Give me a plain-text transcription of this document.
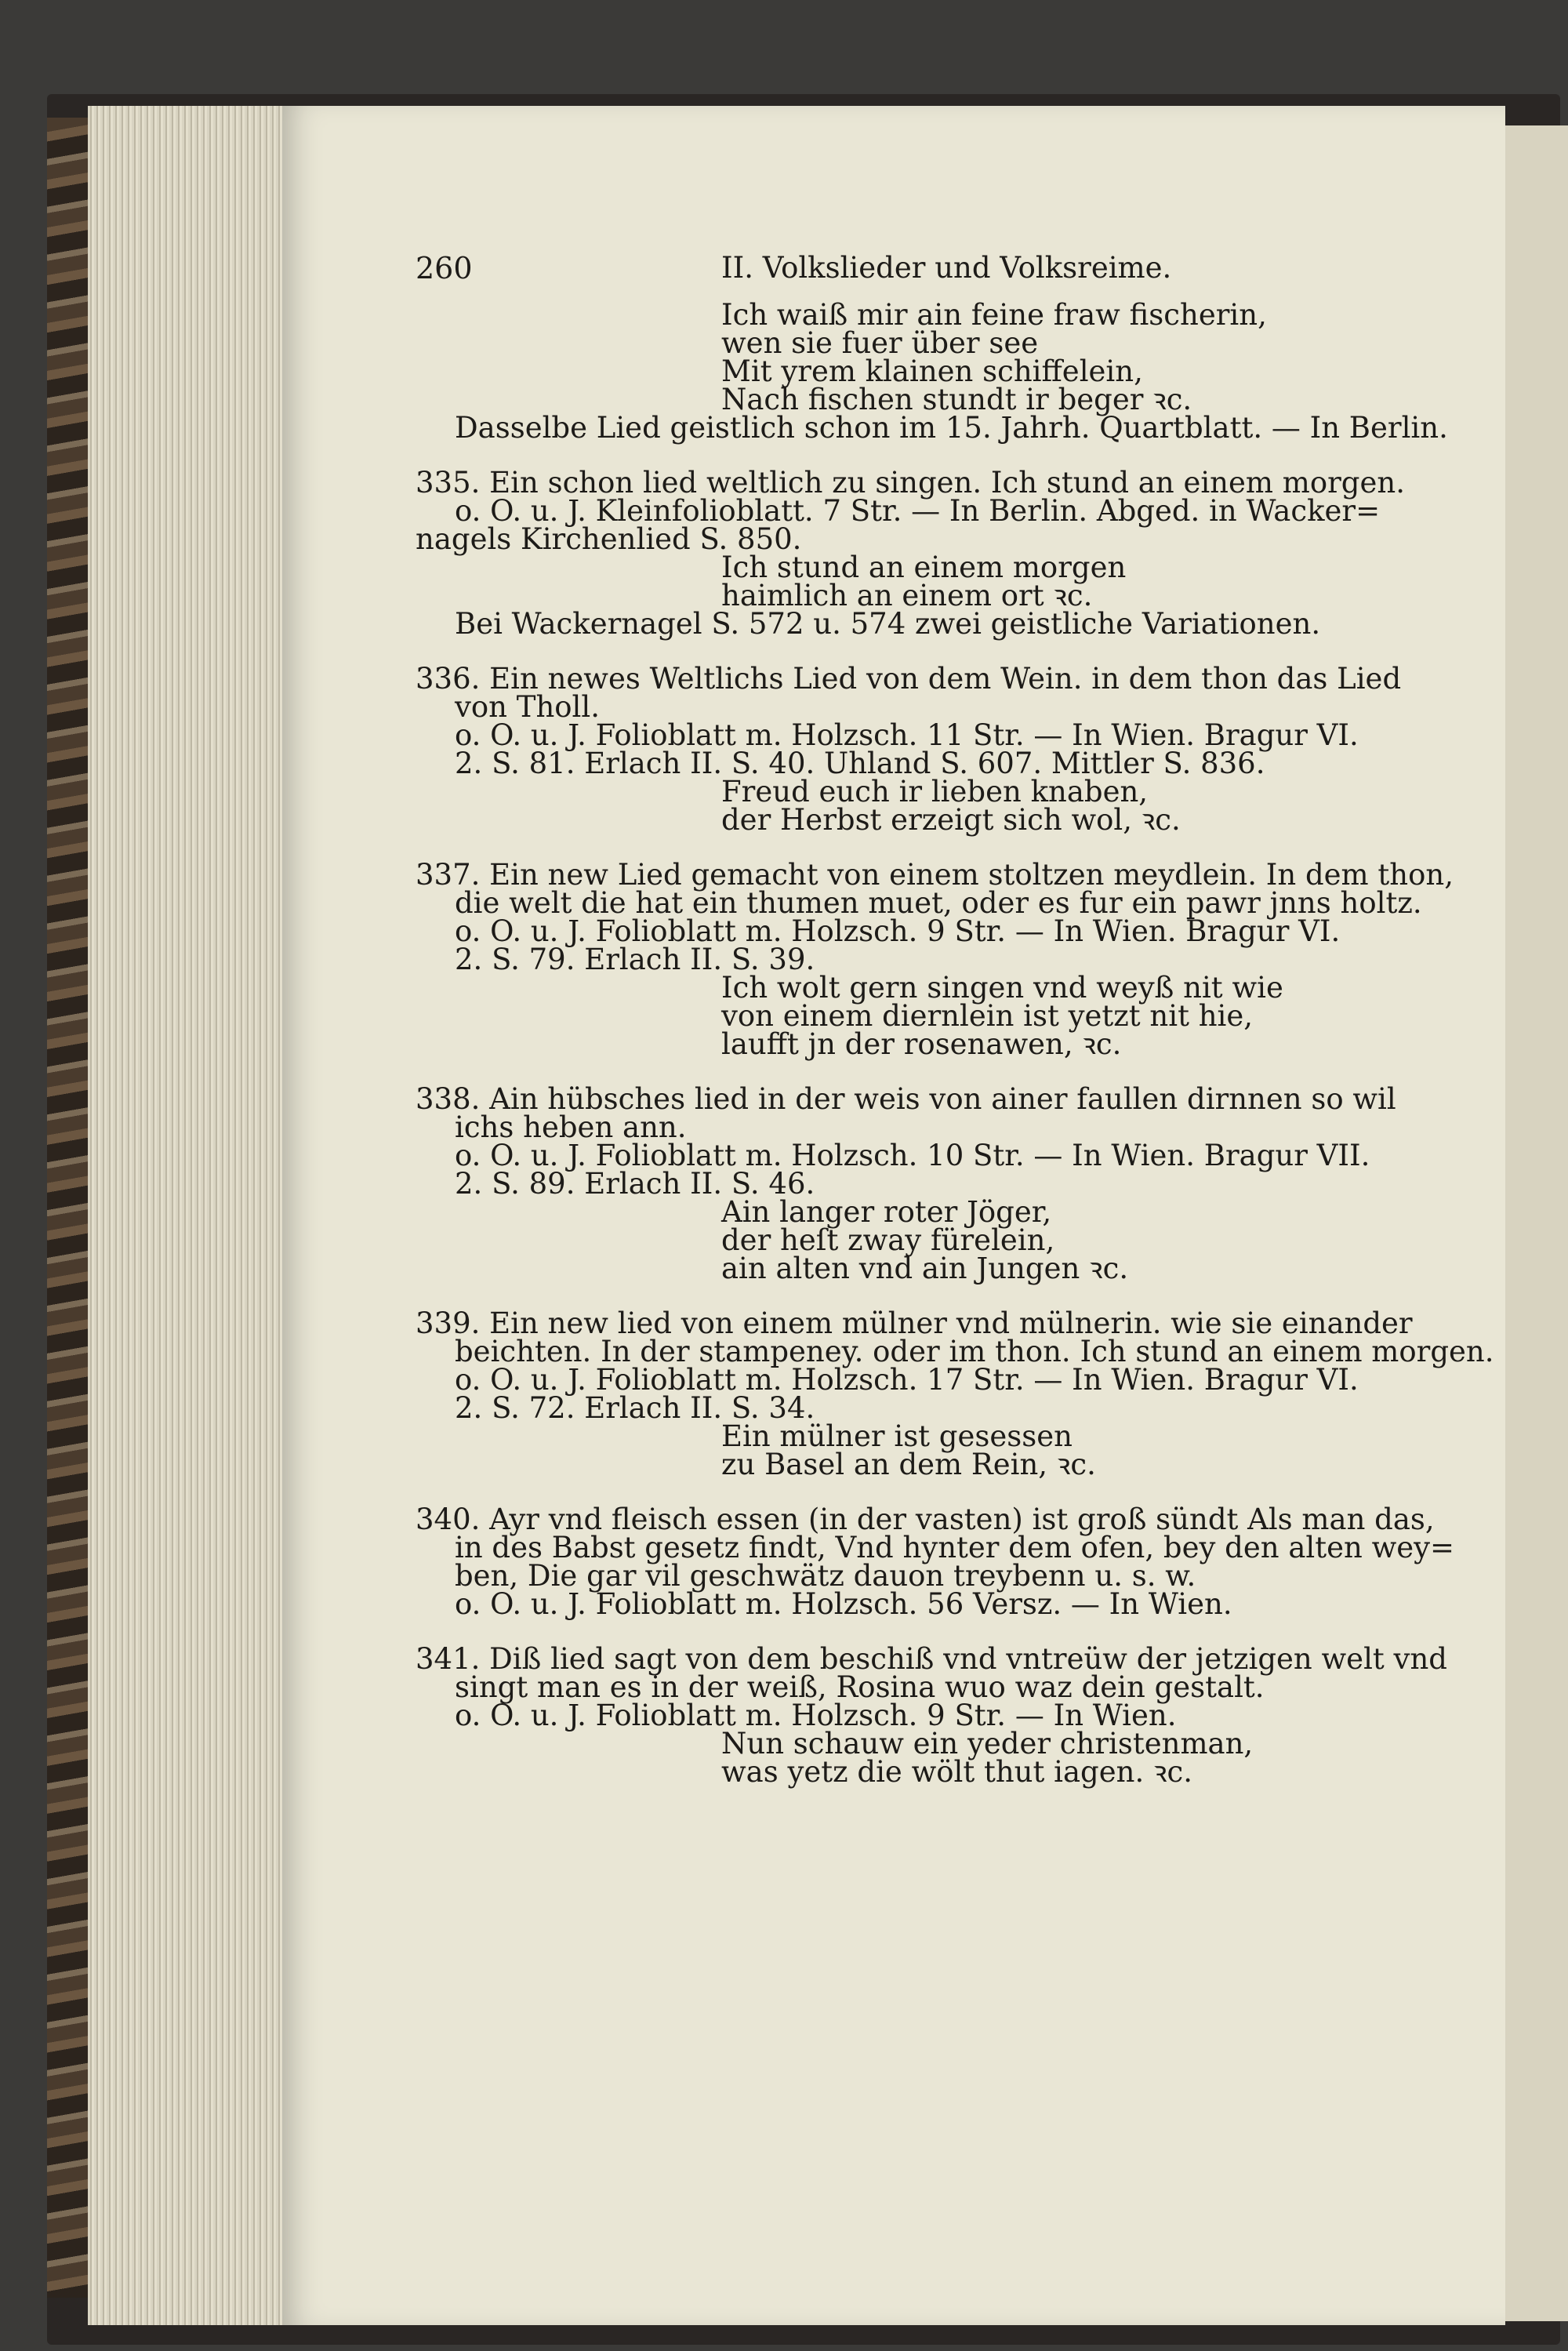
260	II. Volkslieder und Volksreime.
Ich waiß mir ain feine fraw fischerin,
wen sie fuer über see
Mit yrem klainen schiffelein,
Nach fischen stundt ir beger ꝛc.
Dasselbe Lied geistlich schon im 15. Jahrh. Quartblatt. — In Berlin.
335. Ein schon lied weltlich zu singen. Ich stund an einem morgen.
o. O. u. J. Kleinfolioblatt. 7 Str. — In Berlin. Abged. in Wacker=
nagels Kirchenlied S. 850.
Ich stund an einem morgen
haimlich an einem ort ꝛc.
Bei Wackernagel S. 572 u. 574 zwei geistliche Variationen.
336. Ein newes Weltlichs Lied von dem Wein. in dem thon das Lied
von Tholl.
o. O. u. J. Folioblatt m. Holzsch. 11 Str. — In Wien. Bragur VI.
2. S. 81. Erlach II. S. 40. Uhland S. 607. Mittler S. 836.
Freud euch ir lieben knaben,
der Herbst erzeigt sich wol, ꝛc.
337. Ein new Lied gemacht von einem stoltzen meydlein. In dem thon,
die welt die hat ein thumen muet, oder es fur ein pawr jnns holtz.
o. O. u. J. Folioblatt m. Holzsch. 9 Str. — In Wien. Bragur VI.
2. S. 79. Erlach II. S. 39.
Ich wolt gern singen vnd weyß nit wie
von einem diernlein ist yetzt nit hie,
laufft jn der rosenawen, ꝛc.
338. Ain hübsches lied in der weis von ainer faullen dirnnen so wil
ichs heben ann.
o. O. u. J. Folioblatt m. Holzsch. 10 Str. — In Wien. Bragur VII.
2. S. 89. Erlach II. S. 46.
Ain langer roter Jöger,
der heſt zway fürelein,
ain alten vnd ain Jungen ꝛc.
339. Ein new lied von einem mülner vnd mülnerin. wie sie einander
beichten. In der stampeney. oder im thon. Ich stund an einem morgen.
o. O. u. J. Folioblatt m. Holzsch. 17 Str. — In Wien. Bragur VI.
2. S. 72. Erlach II. S. 34.
Ein mülner ist gesessen
zu Basel an dem Rein, ꝛc.
340. Ayr vnd fleisch essen (in der vasten) ist groß sündt Als man das,
in des Babst gesetz findt, Vnd hynter dem ofen, bey den alten wey=
ben, Die gar vil geschwätz dauon treybenn u. s. w.
o. O. u. J. Folioblatt m. Holzsch. 56 Versz. — In Wien.
341. Diß lied sagt von dem beschiß vnd vntreüw der jetzigen welt vnd
singt man es in der weiß, Rosina wuo waz dein gestalt.
o. O. u. J. Folioblatt m. Holzsch. 9 Str. — In Wien.
Nun schauw ein yeder christenman,
was yetz die wölt thut iagen. ꝛc.
